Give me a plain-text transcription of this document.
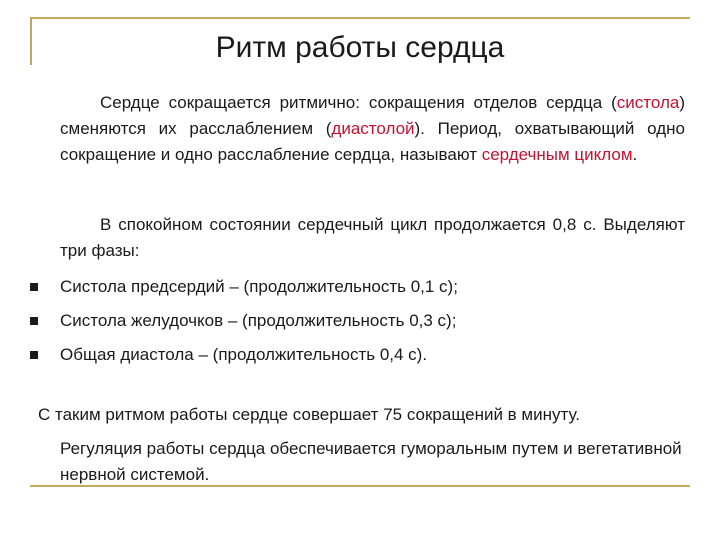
Ритм работы сердца
Сердце сокращается ритмично: сокращения отделов сердца (систола) сменяются их расслаблением (диастолой). Период, охватывающий одно сокращение и одно расслабление сердца, называют сердечным циклом.
В спокойном состоянии сердечный цикл продолжается 0,8 с. Выделяют три фазы:
Систола предсердий – (продолжительность 0,1 с);
Систола желудочков – (продолжительность 0,3 с);
Общая диастола – (продолжительность 0,4 с).
С таким ритмом работы сердце совершает 75 сокращений в минуту.
Регуляция работы сердца обеспечивается гуморальным путем и вегетативной нервной системой.
